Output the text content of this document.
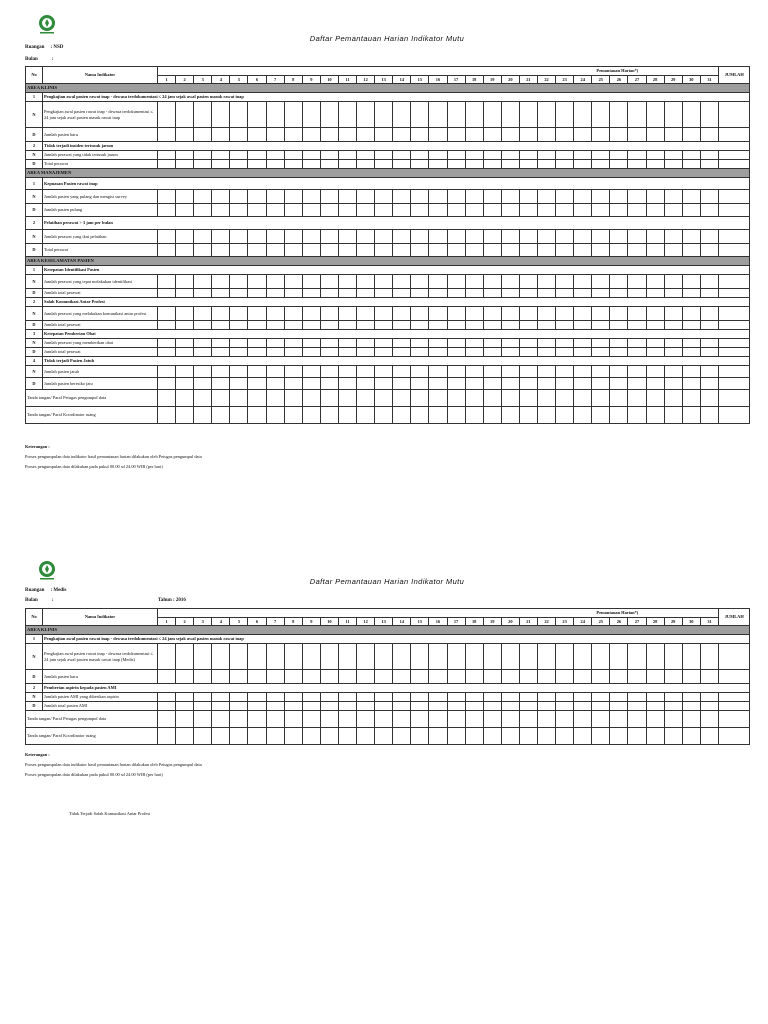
Daftar Pemantauan Harian Indikator Mutu
Ruangan : NSD
Bulan	:
No	Nama Indikator	Pemantauan Harian*)																															JUMLAH
		1	2	3	4	5	6	7	8	9	10	11	12	13	14	15	16	17	18	19	20	21	22	23	24	25	26	27	28	29	30	31	
AREA KLINIS																																	
1	Pengkajian awal pasien rawat inap - dewasa terdokumentasi ≤ 24 jam sejak awal pasien masuk rawat inap																																
N	Pengkajian awal pasien rawat inap - dewasa terdokumentasi ≤ 24 jam sejak awal pasien masuk rawat inap																																
D	Jumlah pasien baru																																
2	Tidak terjadi insiden tertusuk jarum																																
N	Jumlah perawat yang tidak tertusuk jarum																																
D	Total perawat																																
AREA MANAJEMEN																																	
1	Kepuasan Pasien rawat inap																																
N	Jumlah pasien yang pulang dan mengisi survey																																
D	Jumlah pasien pulang																																
2	Pelatihan perawat > 3 jam per bulan																																
N	Jumlah perawat yang ikut pelatihan																																
D	Total perawat																																
AREA KESELAMATAN PASIEN																																	
1	Ketepatan Identifikasi Pasien																																
N	Jumlah perawat yang tepat melakukan identifikasi																																
D	Jumlah total perawat																																
2	Salah Komunikasi Antar Profesi																																
N	Jumlah perawat yang melakukan komunikasi antar profesi																																
D	Jumlah total perawat																																
3	Ketepatan Pemberian Obat																																
N	Jumlah perawat yang memberikan obat																																
D	Jumlah total perawat																																
4	Tidak terjadi Pasien Jatuh																																
N	Jumlah pasien jatuh																																
D	Jumlah pasien beresiko jatu																																
Tanda tangan/ Paraf Petugas pengumpul data																																	
Tanda tangan/ Paraf Koordinator ruang																																	
Keterangan :
Proses pengumpulan data indikator hasil pemantauan harian dilakukan oleh Petugas pengumpul data
Proses pengumpulan data dilakukan pada pukul 00.00 sd 24.00 WIB (per hari)
Daftar Pemantauan Harian Indikator Mutu
Ruangan : Medis
Bulan	:	Tahun : 2016
No	Nama Indikator	Pemantauan Harian*)																															JUMLAH
		1	2	3	4	5	6	7	8	9	10	11	12	13	14	15	16	17	18	19	20	21	22	23	24	25	26	27	28	29	30	31	
AREA KLINIS																																	
1	Pengkajian awal pasien rawat inap - dewasa terdokumentasi ≤ 24 jam sejak awal pasien masuk rawat inap																																
N	Pengkajian awal pasien rawat inap - dewasa terdokumentasi ≤ 24 jam sejak awal pasien masuk rawat inap (Medis)																																
D	Jumlah pasien baru																																
2	Pemberian aspirin kepada pasien AMI																																
N	Jumlah pasien AMI yang diberikan aspirin																																
D	Jumlah total pasien AMI																																
Tanda tangan/ Paraf Petugas pengumpul data																																	
Tanda tangan/ Paraf Koordinator ruang																																	
Keterangan :
Proses pengumpulan data indikator hasil pemantauan harian dilakukan oleh Petugas pengumpul data
Proses pengumpulan data dilakukan pada pukul 00.00 sd 24.00 WIB (per hari)
Tidak Terjadi Salah Komunikasi Antar Profesi
